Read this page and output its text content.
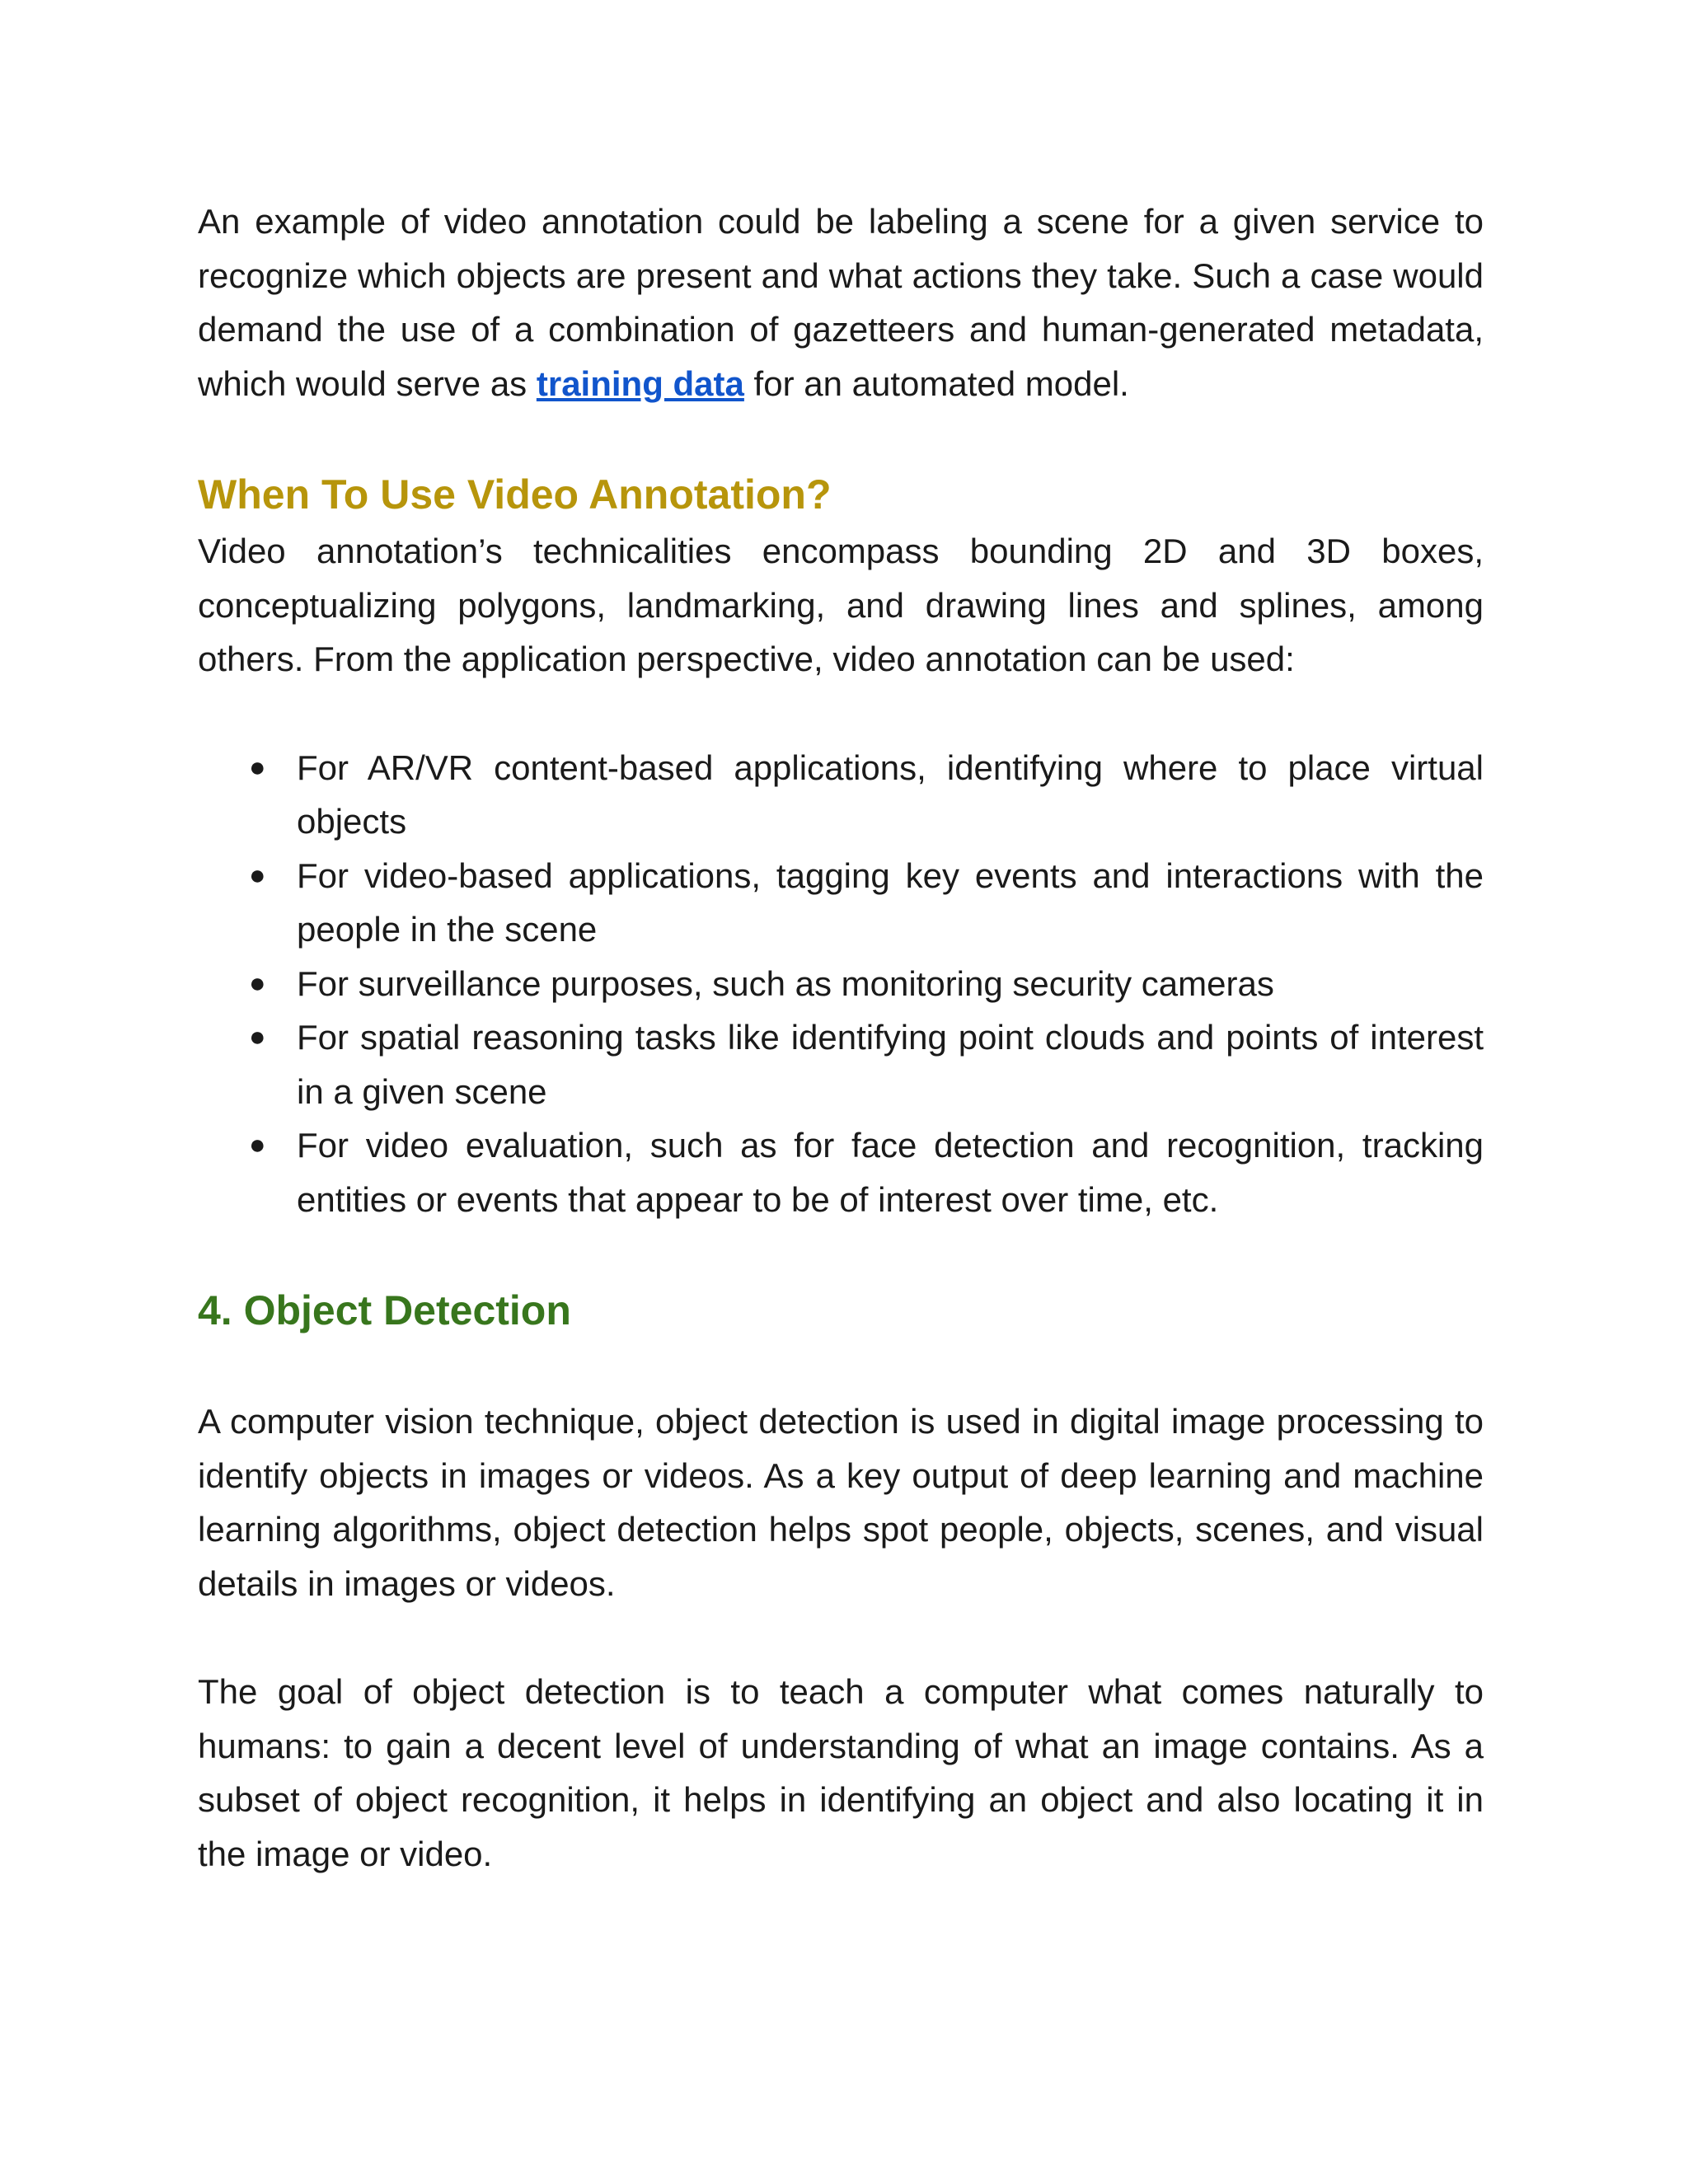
An example of video annotation could be labeling a scene for a given service to recognize which objects are present and what actions they take. Such a case would demand the use of a combination of gazetteers and human-generated metadata, which would serve as training data for an automated model.

When To Use Video Annotation?

Video annotation’s technicalities encompass bounding 2D and 3D boxes, conceptualizing polygons, landmarking, and drawing lines and splines, among others. From the application perspective, video annotation can be used:

● For AR/VR content-based applications, identifying where to place virtual objects
● For video-based applications, tagging key events and interactions with the people in the scene
● For surveillance purposes, such as monitoring security cameras
● For spatial reasoning tasks like identifying point clouds and points of interest in a given scene
● For video evaluation, such as for face detection and recognition, tracking entities or events that appear to be of interest over time, etc.
4. Object Detection

A computer vision technique, object detection is used in digital image processing to identify objects in images or videos. As a key output of deep learning and machine learning algorithms, object detection helps spot people, objects, scenes, and visual details in images or videos.

The goal of object detection is to teach a computer what comes naturally to humans: to gain a decent level of understanding of what an image contains. As a subset of object recognition, it helps in identifying an object and also locating it in the image or video.
